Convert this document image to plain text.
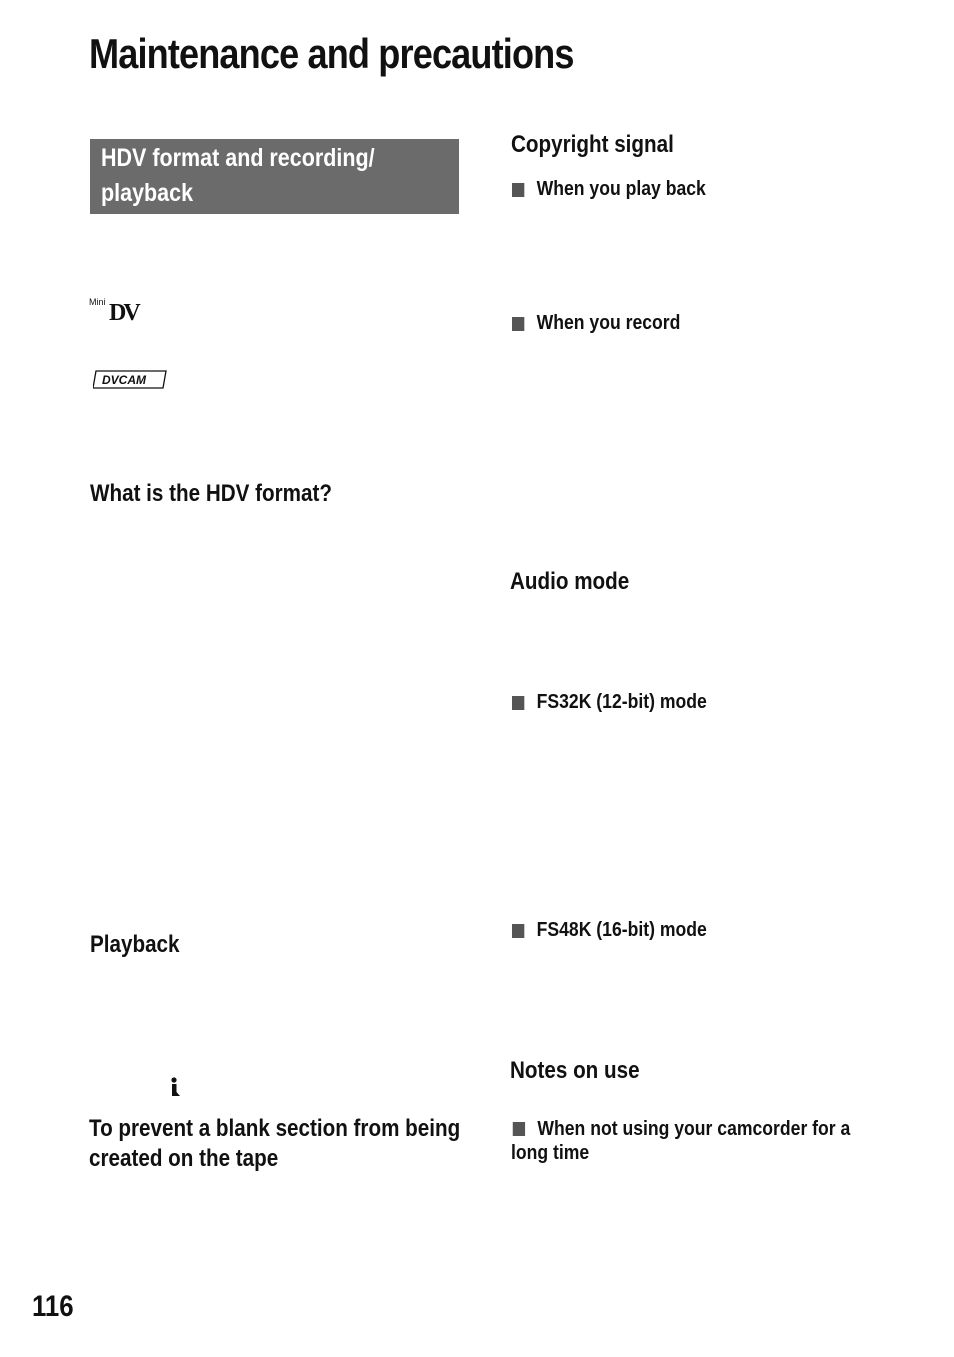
Maintenance and precautions
HDV format and recording/
playback
Mini DV
DVCAM
What is the HDV format?
Playback
To prevent a blank section from being
created on the tape
Copyright signal
When you play back
When you record
Audio mode
FS32K (12-bit) mode
FS48K (16-bit) mode
Notes on use

When not using your camcorder for a
long time

116
